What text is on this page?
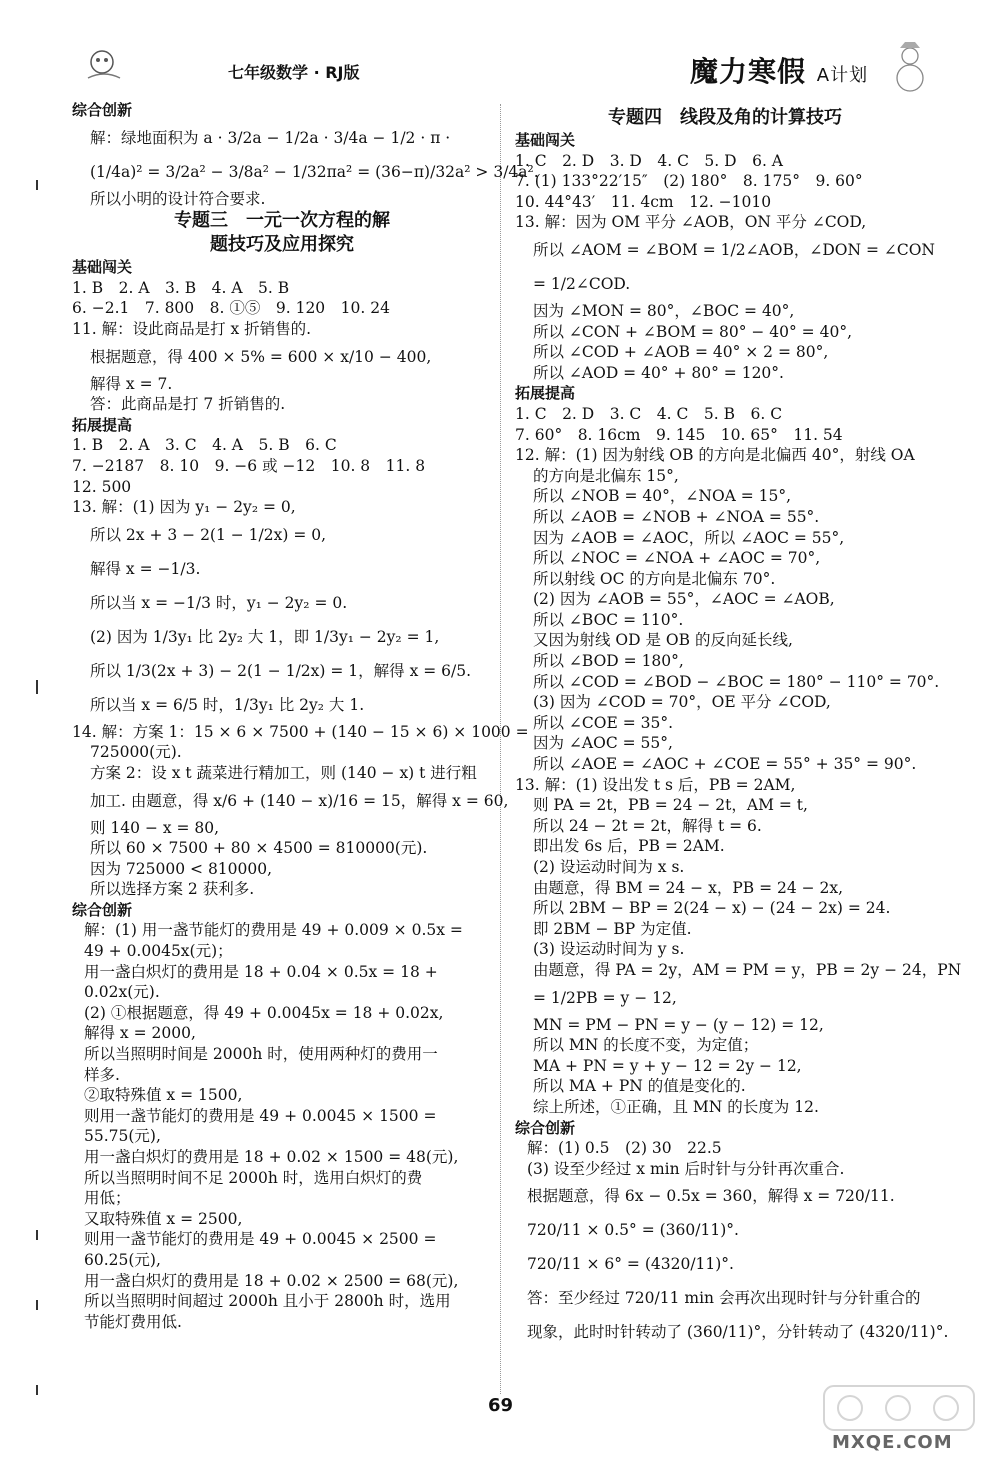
七年级数学 · RJ版	魔力寒假 A计划
综合创新
解：绿地面积为 a · 3/2a − 1/2a · 3/4a − 1/2 · π ·
(1/4a)² = 3/2a² − 3/8a² − 1/32πa² = (36−π)/32a² > 3/4a².
所以小明的设计符合要求.
专题三　一元一次方程的解
题技巧及应用探究
基础闯关
1. B　2. A　3. B　4. A　5. B
6. −2.1　7. 800　8. ①⑤　9. 120　10. 24
11. 解：设此商品是打 x 折销售的.
根据题意，得 400 × 5% = 600 × x/10 − 400,
解得 x = 7.
答：此商品是打 7 折销售的.
拓展提高
1. B　2. A　3. C　4. A　5. B　6. C
7. −2187　8. 10　9. −6 或 −12　10. 8　11. 8
12. 500
13. 解：(1) 因为 y₁ − 2y₂ = 0,
所以 2x + 3 − 2(1 − 1/2x) = 0,
解得 x = −1/3.
所以当 x = −1/3 时，y₁ − 2y₂ = 0.
(2) 因为 1/3y₁ 比 2y₂ 大 1，即 1/3y₁ − 2y₂ = 1,
所以 1/3(2x + 3) − 2(1 − 1/2x) = 1，解得 x = 6/5.
所以当 x = 6/5 时，1/3y₁ 比 2y₂ 大 1.
14. 解：方案 1：15 × 6 × 7500 + (140 − 15 × 6) × 1000 =
725000(元).
方案 2：设 x t 蔬菜进行精加工，则 (140 − x) t 进行粗
加工. 由题意，得 x/6 + (140 − x)/16 = 15，解得 x = 60,
则 140 − x = 80,
所以 60 × 7500 + 80 × 4500 = 810000(元).
因为 725000 < 810000,
所以选择方案 2 获利多.
综合创新
解：(1) 用一盏节能灯的费用是 49 + 0.009 × 0.5x =
49 + 0.0045x(元)；
用一盏白炽灯的费用是 18 + 0.04 × 0.5x = 18 +
0.02x(元).
(2) ①根据题意，得 49 + 0.0045x = 18 + 0.02x,
解得 x = 2000,
所以当照明时间是 2000h 时，使用两种灯的费用一
样多.
②取特殊值 x = 1500,
则用一盏节能灯的费用是 49 + 0.0045 × 1500 =
55.75(元),
用一盏白炽灯的费用是 18 + 0.02 × 1500 = 48(元),
所以当照明时间不足 2000h 时，选用白炽灯的费
用低；
又取特殊值 x = 2500,
则用一盏节能灯的费用是 49 + 0.0045 × 2500 =
60.25(元),
用一盏白炽灯的费用是 18 + 0.02 × 2500 = 68(元),
所以当照明时间超过 2000h 且小于 2800h 时，选用
节能灯费用低.
专题四　线段及角的计算技巧
基础闯关
1. C　2. D　3. D　4. C　5. D　6. A
7. (1) 133°22′15″　(2) 180°　8. 175°　9. 60°
10. 44°43′　11. 4cm　12. −1010
13. 解：因为 OM 平分 ∠AOB，ON 平分 ∠COD,
所以 ∠AOM = ∠BOM = 1/2∠AOB，∠DON = ∠CON
= 1/2∠COD.
因为 ∠MON = 80°，∠BOC = 40°,
所以 ∠CON + ∠BOM = 80° − 40° = 40°,
所以 ∠COD + ∠AOB = 40° × 2 = 80°,
所以 ∠AOD = 40° + 80° = 120°.
拓展提高
1. C　2. D　3. C　4. C　5. B　6. C
7. 60°　8. 16cm　9. 145　10. 65°　11. 54
12. 解：(1) 因为射线 OB 的方向是北偏西 40°，射线 OA
的方向是北偏东 15°,
所以 ∠NOB = 40°，∠NOA = 15°,
所以 ∠AOB = ∠NOB + ∠NOA = 55°.
因为 ∠AOB = ∠AOC，所以 ∠AOC = 55°,
所以 ∠NOC = ∠NOA + ∠AOC = 70°,
所以射线 OC 的方向是北偏东 70°.
(2) 因为 ∠AOB = 55°，∠AOC = ∠AOB,
所以 ∠BOC = 110°.
又因为射线 OD 是 OB 的反向延长线,
所以 ∠BOD = 180°,
所以 ∠COD = ∠BOD − ∠BOC = 180° − 110° = 70°.
(3) 因为 ∠COD = 70°，OE 平分 ∠COD,
所以 ∠COE = 35°.
因为 ∠AOC = 55°,
所以 ∠AOE = ∠AOC + ∠COE = 55° + 35° = 90°.
13. 解：(1) 设出发 t s 后，PB = 2AM,
则 PA = 2t，PB = 24 − 2t，AM = t,
所以 24 − 2t = 2t，解得 t = 6.
即出发 6s 后，PB = 2AM.
(2) 设运动时间为 x s.
由题意，得 BM = 24 − x，PB = 24 − 2x,
所以 2BM − BP = 2(24 − x) − (24 − 2x) = 24.
即 2BM − BP 为定值.
(3) 设运动时间为 y s.
由题意，得 PA = 2y，AM = PM = y，PB = 2y − 24，PN
= 1/2PB = y − 12,
MN = PM − PN = y − (y − 12) = 12,
所以 MN 的长度不变，为定值；
MA + PN = y + y − 12 = 2y − 12,
所以 MA + PN 的值是变化的.
综上所述，①正确，且 MN 的长度为 12.
综合创新
解：(1) 0.5　(2) 30　22.5
(3) 设至少经过 x min 后时针与分针再次重合.
根据题意，得 6x − 0.5x = 360，解得 x = 720/11.
720/11 × 0.5° = (360/11)°.
720/11 × 6° = (4320/11)°.
答：至少经过 720/11 min 会再次出现时针与分针重合的
现象，此时时针转动了 (360/11)°，分针转动了 (4320/11)°.
69
MXQE.COM
